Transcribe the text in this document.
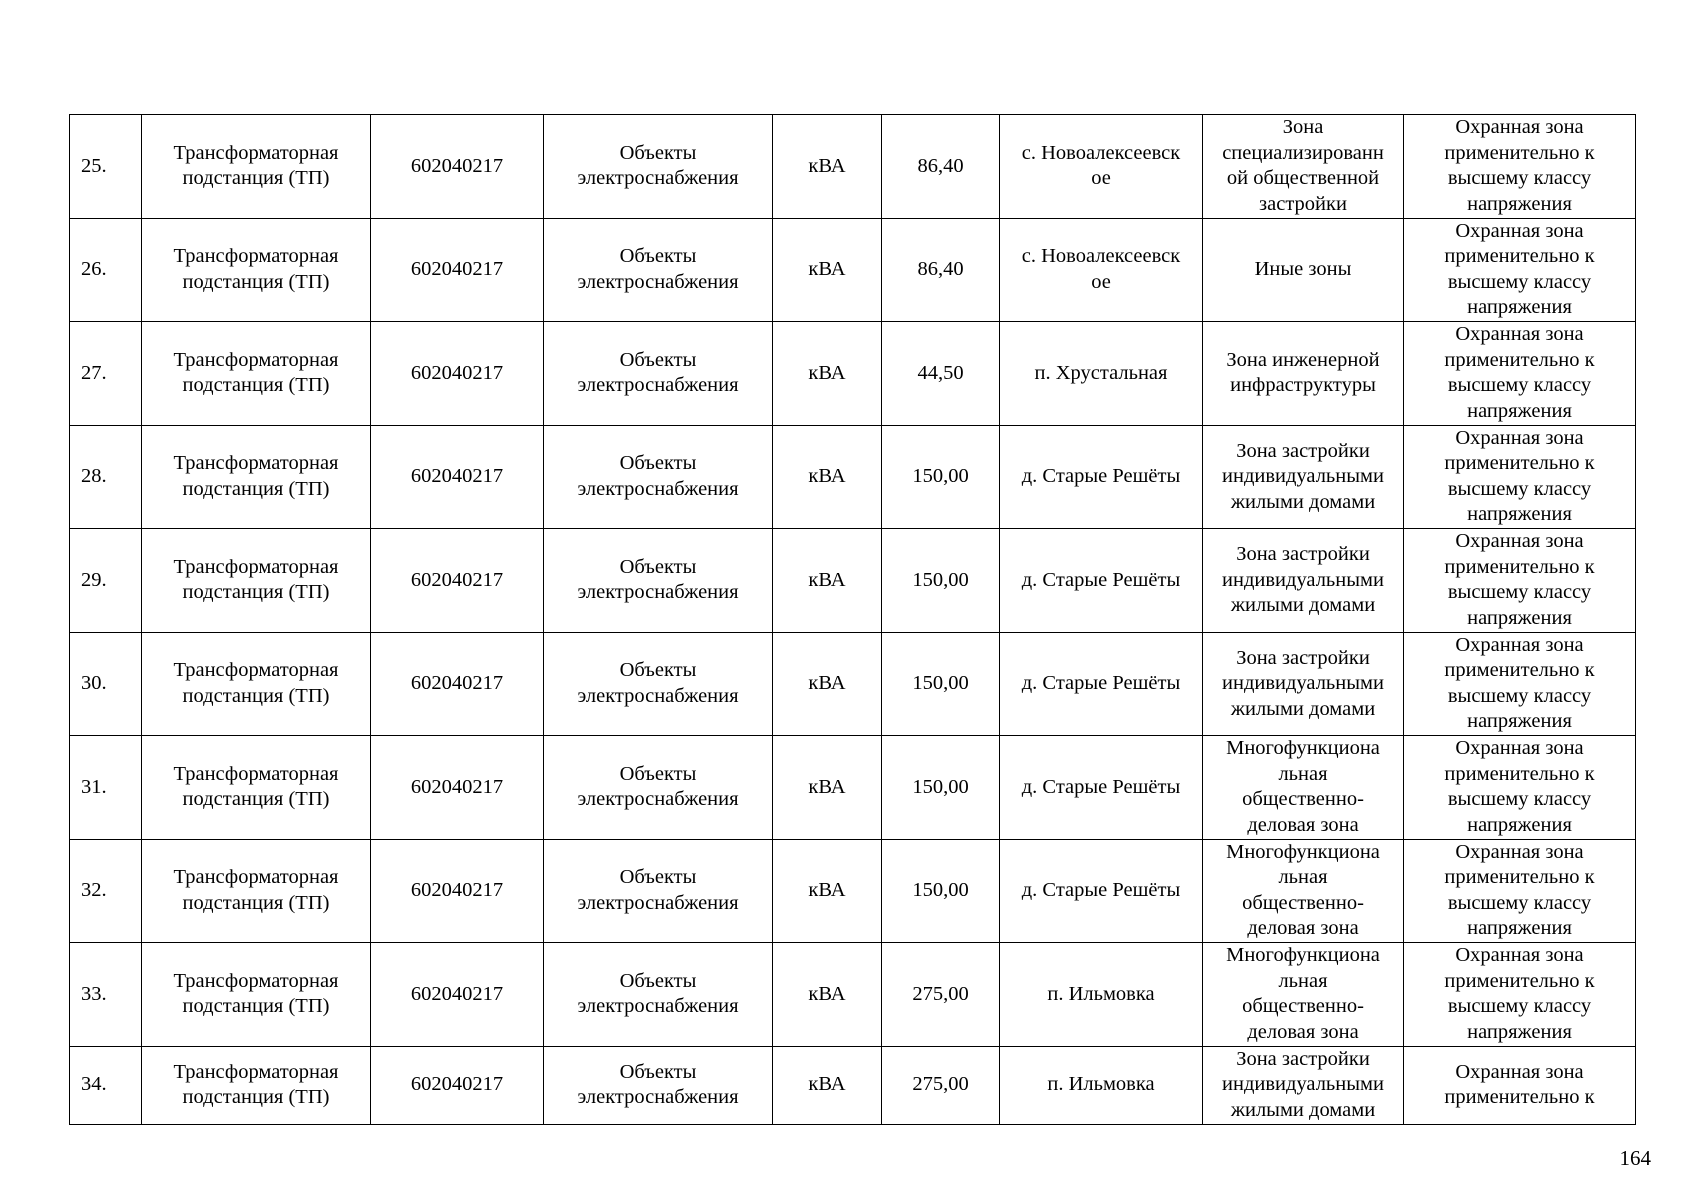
25.	Трансформаторная
подстанция (ТП)	602040217	Объекты
электроснабжения	кВА	86,40	с. Новоалексеевск
ое	Зона
специализированн
ой общественной
застройки	Охранная зона
применительно к
высшему классу
напряжения

26.	Трансформаторная
подстанция (ТП)	602040217	Объекты
электроснабжения	кВА	86,40	с. Новоалексеевск
ое	Иные зоны	Охранная зона
применительно к
высшему классу
напряжения

27.	Трансформаторная
подстанция (ТП)	602040217	Объекты
электроснабжения	кВА	44,50	п. Хрустальная	Зона инженерной
инфраструктуры	Охранная зона
применительно к
высшему классу
напряжения

28.	Трансформаторная
подстанция (ТП)	602040217	Объекты
электроснабжения	кВА	150,00	д. Старые Решёты	Зона застройки
индивидуальными
жилыми домами	Охранная зона
применительно к
высшему классу
напряжения

29.	Трансформаторная
подстанция (ТП)	602040217	Объекты
электроснабжения	кВА	150,00	д. Старые Решёты	Зона застройки
индивидуальными
жилыми домами	Охранная зона
применительно к
высшему классу
напряжения

30.	Трансформаторная
подстанция (ТП)	602040217	Объекты
электроснабжения	кВА	150,00	д. Старые Решёты	Зона застройки
индивидуальными
жилыми домами	Охранная зона
применительно к
высшему классу
напряжения

31.	Трансформаторная
подстанция (ТП)	602040217	Объекты
электроснабжения	кВА	150,00	д. Старые Решёты	Многофункциона
льная
общественно-
деловая зона	Охранная зона
применительно к
высшему классу
напряжения

32.	Трансформаторная
подстанция (ТП)	602040217	Объекты
электроснабжения	кВА	150,00	д. Старые Решёты	Многофункциона
льная
общественно-
деловая зона	Охранная зона
применительно к
высшему классу
напряжения

33.	Трансформаторная
подстанция (ТП)	602040217	Объекты
электроснабжения	кВА	275,00	п. Ильмовка	Многофункциона
льная
общественно-
деловая зона	Охранная зона
применительно к
высшему классу
напряжения

34.	Трансформаторная
подстанция (ТП)	602040217	Объекты
электроснабжения	кВА	275,00	п. Ильмовка	Зона застройки
индивидуальными
жилыми домами	Охранная зона
применительно к
164
